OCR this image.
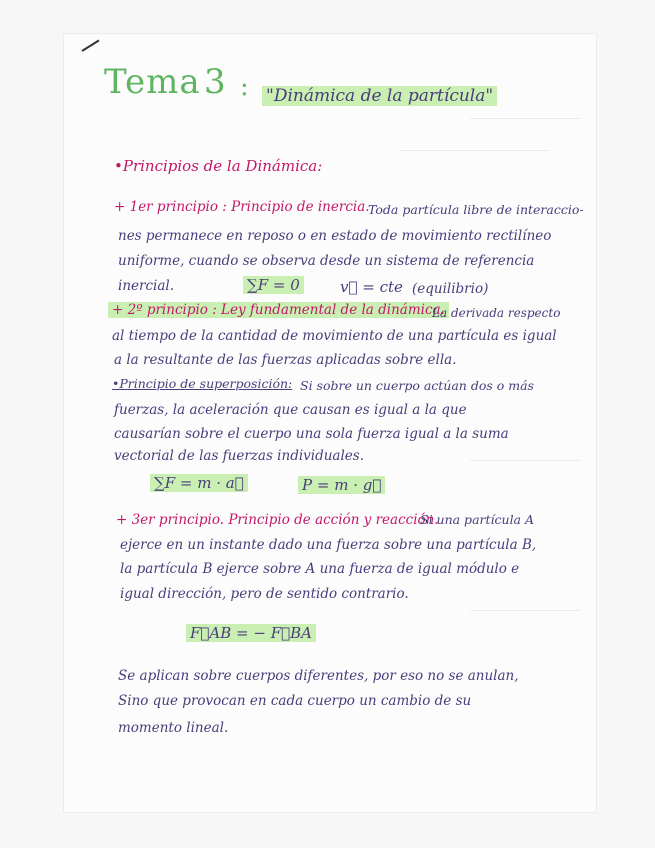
Tema 3 : "Dinámica de la partícula"
•Principios de la Dinámica:
+ 1er principio : Principio de inercia.
Toda partícula libre de interaccio-
nes permanece en reposo o en estado de movimiento rectilíneo
uniforme, cuando se observa desde un sistema de referencia
inercial.	∑F = 0	v⃗ = cte (equilibrio)
+ 2º principio : Ley fundamental de la dinámica.
La derivada respecto
al tiempo de la cantidad de movimiento de una partícula es igual
a la resultante de las fuerzas aplicadas sobre ella.
•Principio de superposición: Si sobre un cuerpo actúan dos o más
fuerzas, la aceleración que causan es igual a la que
causarían sobre el cuerpo una sola fuerza igual a la suma
vectorial de las fuerzas individuales.
∑F = m · a⃗	P = m · g⃗
+ 3er principio. Principio de acción y reacción.
Si una partícula A
ejerce en un instante dado una fuerza sobre una partícula B,
la partícula B ejerce sobre A una fuerza de igual módulo e
igual dirección, pero de sentido contrario.
F⃗AB = − F⃗BA
Se aplican sobre cuerpos diferentes, por eso no se anulan,
Sino que provocan en cada cuerpo un cambio de su
momento lineal.
